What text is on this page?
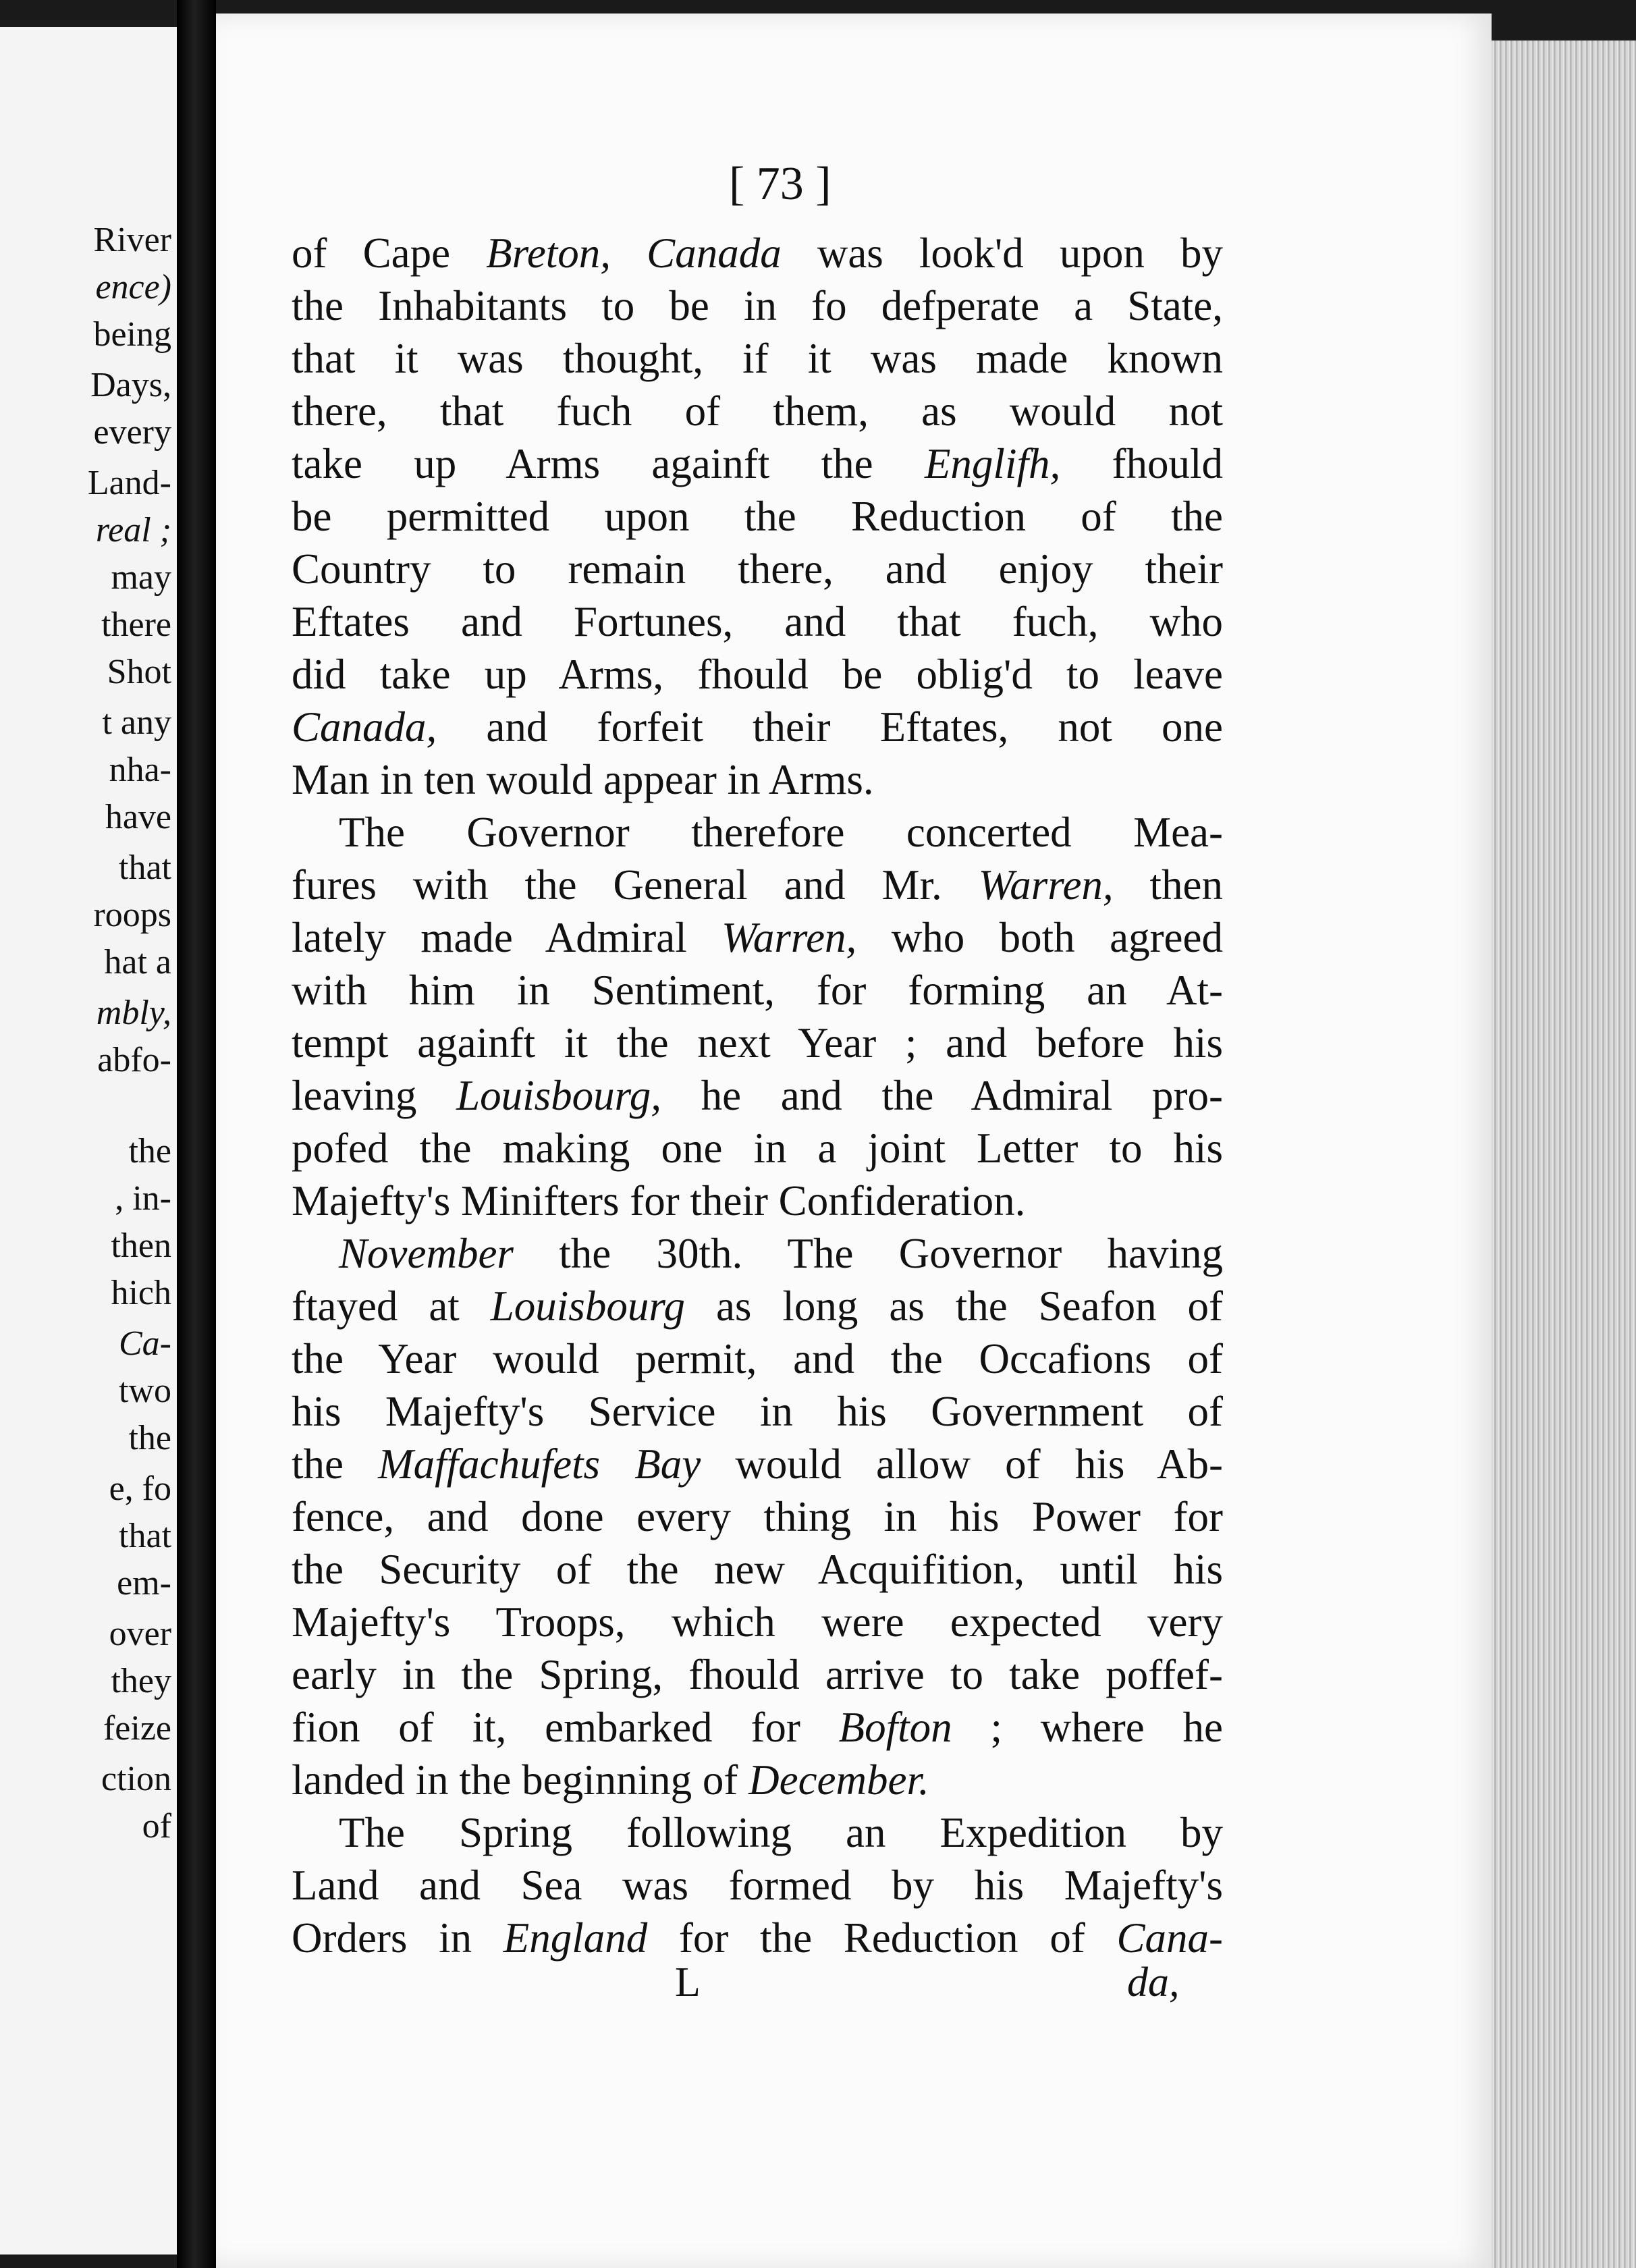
River
ence)
being
Days,
every
Land-
real ;
may
there
Shot
t any
nha-
have
that
roops
hat a
mbly,
abfo-
the
, in-
then
hich
Ca-
two
the
e, fo
that
em-
over
they
feize
ction
of
[ 73 ]
of Cape Breton, Canada was look'd upon by
the Inhabitants to be in fo defperate a State,
that it was thought, if it was made known
there, that fuch of them, as would not
take up Arms againft the Englifh, fhould
be permitted upon the Reduction of the
Country to remain there, and enjoy their
Eftates and Fortunes, and that fuch, who
did take up Arms, fhould be oblig'd to leave
Canada, and forfeit their Eftates, not one
Man in ten would appear in Arms.
The Governor therefore concerted Mea-
fures with the General and Mr. Warren, then
lately made Admiral Warren, who both agreed
with him in Sentiment, for forming an At-
tempt againft it the next Year ; and before his
leaving Louisbourg, he and the Admiral pro-
pofed the making one in a joint Letter to his
Majefty's Minifters for their Confideration.
November the 30th. The Governor having
ftayed at Louisbourg as long as the Seafon of
the Year would permit, and the Occafions of
his Majefty's Service in his Government of
the Maffachufets Bay would allow of his Ab-
fence, and done every thing in his Power for
the Security of the new Acquifition, until his
Majefty's Troops, which were expected very
early in the Spring, fhould arrive to take poffef-
fion of it, embarked for Bofton ; where he
landed in the beginning of December.
The Spring following an Expedition by
Land and Sea was formed by his Majefty's
Orders in England for the Reduction of Cana-
L	da,
